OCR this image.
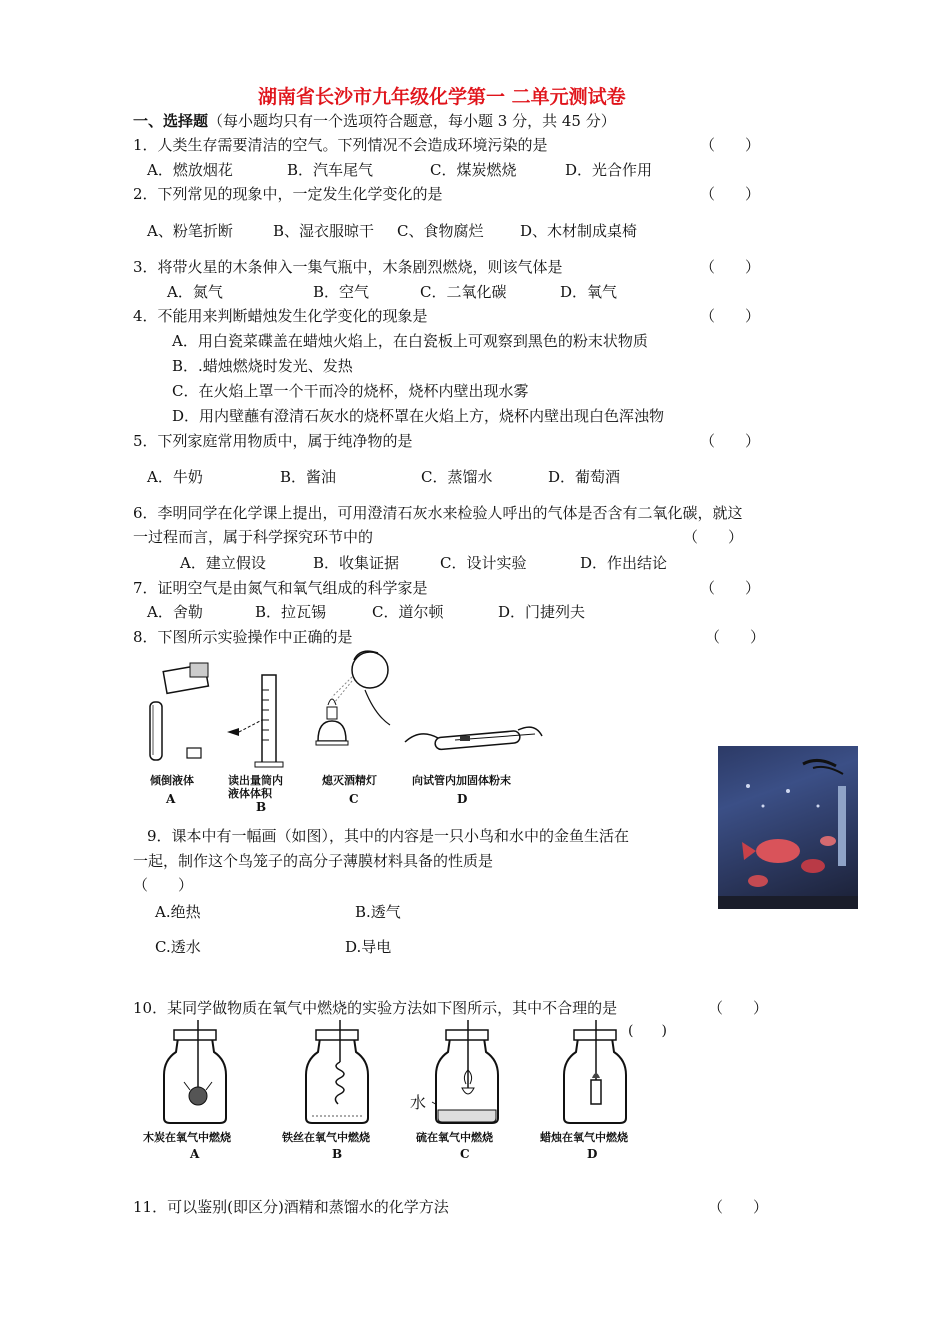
湖南省长沙市九年级化学第一 二单元测试卷
一、选择题（每小题均只有一个选项符合题意，每小题 3 分，共 45 分）
1．人类生存需要清洁的空气。下列情况不会造成环境污染的是	（　　）
A．燃放烟花	B．汽车尾气	C．煤炭燃烧	D．光合作用
2．下列常见的现象中，一定发生化学变化的是	（　　）
A、粉笔折断	B、湿衣服晾干 C、食物腐烂 D、木材制成桌椅
3．将带火星的木条伸入一集气瓶中，木条剧烈燃烧，则该气体是	（　　）
A．氮气	B．空气	C．二氧化碳	D．氧气
4．不能用来判断蜡烛发生化学变化的现象是	（　　）
A．用白瓷菜碟盖在蜡烛火焰上，在白瓷板上可观察到黑色的粉末状物质
B．.蜡烛燃烧时发光、发热
C．在火焰上罩一个干而冷的烧杯，烧杯内壁出现水雾
D．用内壁蘸有澄清石灰水的烧杯罩在火焰上方，烧杯内壁出现白色浑浊物
5．下列家庭常用物质中，属于纯净物的是	（　　）
A．牛奶	B．酱油	C．蒸馏水	D．葡萄酒
6．李明同学在化学课上提出，可用澄清石灰水来检验人呼出的气体是否含有二氧化碳，就这
一过程而言，属于科学探究环节中的	（　　）
A．建立假设	B．收集证据	C．设计实验	D．作出结论
7．证明空气是由氮气和氧气组成的科学家是	（　　）
A．舍勒	B．拉瓦锡	C．道尔顿	D．门捷列夫
8．下图所示实验操作中正确的是	（　　）
倾倒液体
A
读出量筒内
液体体积
B
熄灭酒精灯
C
向试管内加固体粉末
D
9．课本中有一幅画（如图），其中的内容是一只小鸟和水中的金鱼生活在
一起，制作这个鸟笼子的高分子薄膜材料具备的性质是
（　　）
A.绝热	B.透气
C.透水	D.导电
10．某同学做物质在氧气中燃烧的实验方法如下图所示，其中不合理的是	（　　）
(　　)
木炭在氧气中燃烧
A
铁丝在氧气中燃烧
B
水
硫在氧气中燃烧
C
蜡烛在氧气中燃烧
D
11．可以鉴别(即区分)酒精和蒸馏水的化学方法	（　　）
